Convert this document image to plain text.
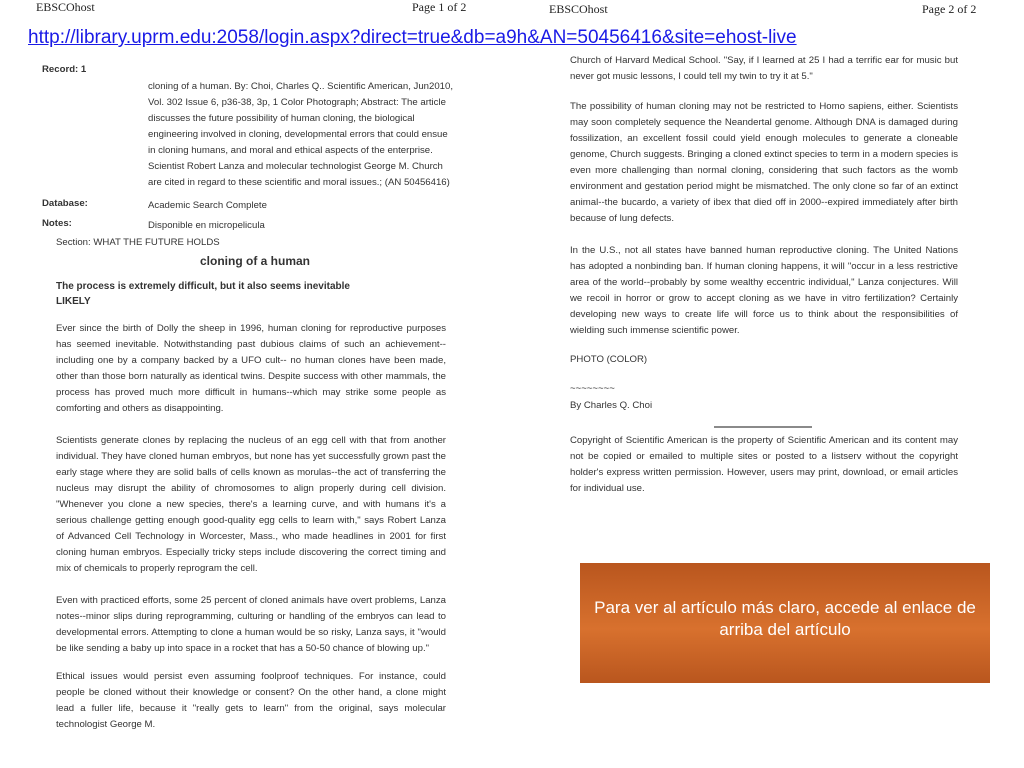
EBSCOhost	Page 1 of 2	EBSCOhost	Page 2 of 2
http://library.uprm.edu:2058/login.aspx?direct=true&db=a9h&AN=50456416&site=ehost-live
Record: 1
cloning of a human. By: Choi, Charles Q.. Scientific American, Jun2010, Vol. 302 Issue 6, p36-38, 3p, 1 Color Photograph; Abstract: The article discusses the future possibility of human cloning, the biological engineering involved in cloning, developmental errors that could ensue in cloning humans, and moral and ethical aspects of the enterprise. Scientist Robert Lanza and molecular technologist George M. Church are cited in regard to these scientific and moral issues.; (AN 50456416)
Database:	Academic Search Complete
Notes:	Disponible en micropelicula
Section: WHAT THE FUTURE HOLDS
cloning of a human
The process is extremely difficult, but it also seems inevitable LIKELY
Ever since the birth of Dolly the sheep in 1996, human cloning for reproductive purposes has seemed inevitable. Notwithstanding past dubious claims of such an achievement--including one by a company backed by a UFO cult-- no human clones have been made, other than those born naturally as identical twins. Despite success with other mammals, the process has proved much more difficult in humans--which may strike some people as comforting and others as disappointing.
Scientists generate clones by replacing the nucleus of an egg cell with that from another individual. They have cloned human embryos, but none has yet successfully grown past the early stage where they are solid balls of cells known as morulas--the act of transferring the nucleus may disrupt the ability of chromosomes to align properly during cell division. "Whenever you clone a new species, there's a learning curve, and with humans it's a serious challenge getting enough good-quality egg cells to learn with," says Robert Lanza of Advanced Cell Technology in Worcester, Mass., who made headlines in 2001 for first cloning human embryos. Especially tricky steps include discovering the correct timing and mix of chemicals to properly reprogram the cell.
Even with practiced efforts, some 25 percent of cloned animals have overt problems, Lanza notes--minor slips during reprogramming, culturing or handling of the embryos can lead to developmental errors. Attempting to clone a human would be so risky, Lanza says, it "would be like sending a baby up into space in a rocket that has a 50-50 chance of blowing up."
Ethical issues would persist even assuming foolproof techniques. For instance, could people be cloned without their knowledge or consent? On the other hand, a clone might lead a fuller life, because it "really gets to learn" from the original, says molecular technologist George M.
Church of Harvard Medical School. "Say, if I learned at 25 I had a terrific ear for music but never got music lessons, I could tell my twin to try it at 5."
The possibility of human cloning may not be restricted to Homo sapiens, either. Scientists may soon completely sequence the Neandertal genome. Although DNA is damaged during fossilization, an excellent fossil could yield enough molecules to generate a cloneable genome, Church suggests. Bringing a cloned extinct species to term in a modern species is even more challenging than normal cloning, considering that such factors as the womb environment and gestation period might be mismatched. The only clone so far of an extinct animal--the bucardo, a variety of ibex that died off in 2000--expired immediately after birth because of lung defects.
In the U.S., not all states have banned human reproductive cloning. The United Nations has adopted a nonbinding ban. If human cloning happens, it will "occur in a less restrictive area of the world--probably by some wealthy eccentric individual," Lanza conjectures. Will we recoil in horror or grow to accept cloning as we have in vitro fertilization? Certainly developing new ways to create life will force us to think about the responsibilities of wielding such immense scientific power.
PHOTO (COLOR)
~~~~~~~~
By Charles Q. Choi
Copyright of Scientific American is the property of Scientific American and its content may not be copied or emailed to multiple sites or posted to a listserv without the copyright holder's express written permission. However, users may print, download, or email articles for individual use.
Para ver al artículo más claro, accede al enlace de arriba del artículo
